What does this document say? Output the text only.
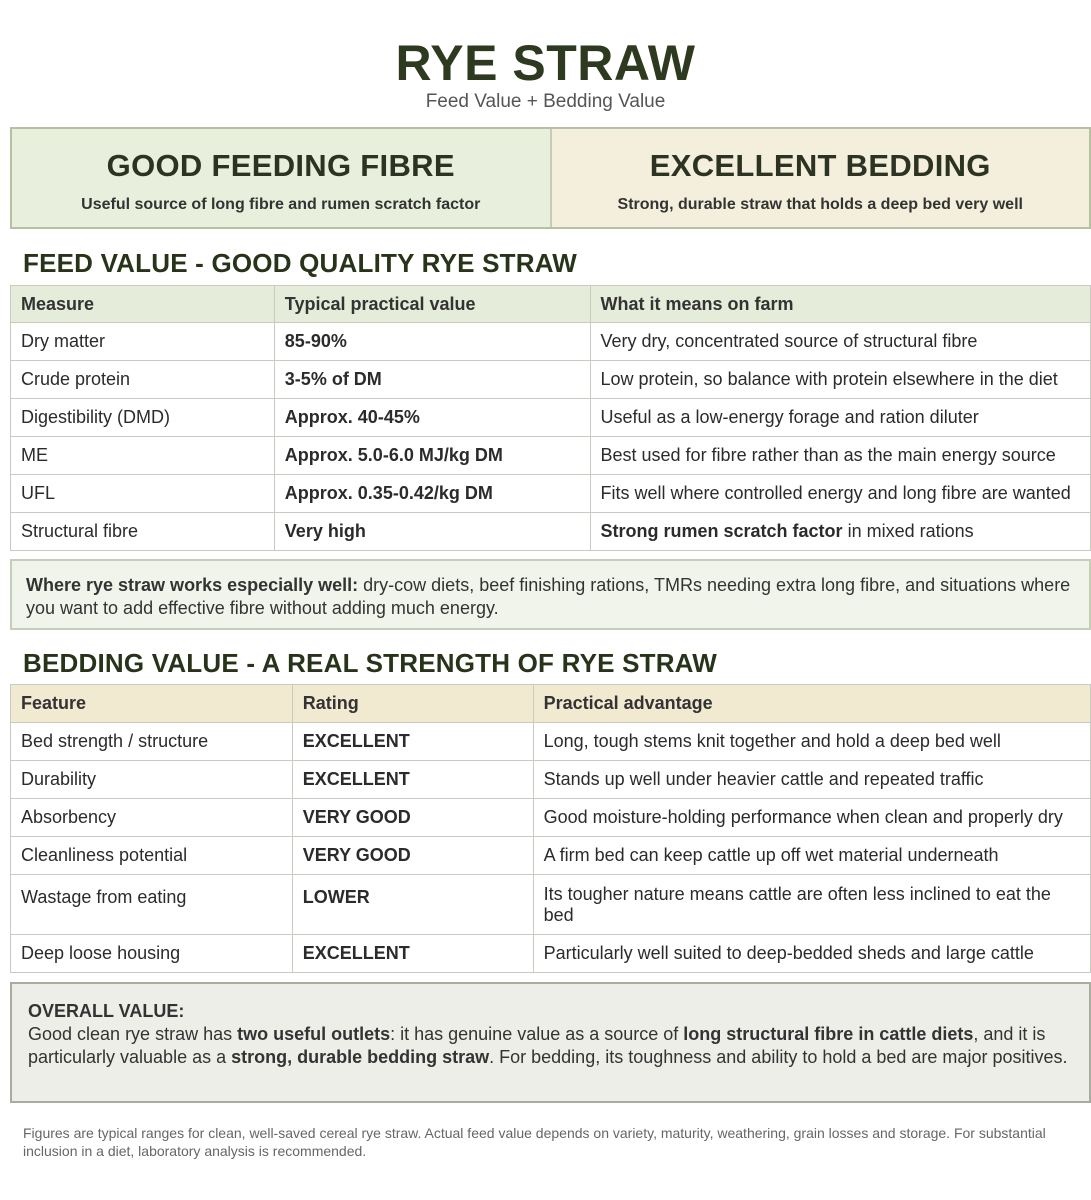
RYE STRAW
Feed Value + Bedding Value
GOOD FEEDING FIBRE
Useful source of long fibre and rumen scratch factor
EXCELLENT BEDDING
Strong, durable straw that holds a deep bed very well
FEED VALUE - GOOD QUALITY RYE STRAW
Measure	Typical practical value	What it means on farm
Dry matter	85-90%	Very dry, concentrated source of structural fibre
Crude protein	3-5% of DM	Low protein, so balance with protein elsewhere in the diet
Digestibility (DMD)	Approx. 40-45%	Useful as a low-energy forage and ration diluter
ME	Approx. 5.0-6.0 MJ/kg DM	Best used for fibre rather than as the main energy source
UFL	Approx. 0.35-0.42/kg DM	Fits well where controlled energy and long fibre are wanted
Structural fibre	Very high	Strong rumen scratch factor in mixed rations
Where rye straw works especially well: dry-cow diets, beef finishing rations, TMRs needing extra long fibre, and situations where you want to add effective fibre without adding much energy.
BEDDING VALUE - A REAL STRENGTH OF RYE STRAW
Feature	Rating	Practical advantage
Bed strength / structure	EXCELLENT	Long, tough stems knit together and hold a deep bed well
Durability	EXCELLENT	Stands up well under heavier cattle and repeated traffic
Absorbency	VERY GOOD	Good moisture-holding performance when clean and properly dry
Cleanliness potential	VERY GOOD	A firm bed can keep cattle up off wet material underneath
Wastage from eating	LOWER	Its tougher nature means cattle are often less inclined to eat the bed
Deep loose housing	EXCELLENT	Particularly well suited to deep-bedded sheds and large cattle
OVERALL VALUE:
Good clean rye straw has two useful outlets: it has genuine value as a source of long structural fibre in cattle diets, and it is particularly valuable as a strong, durable bedding straw. For bedding, its toughness and ability to hold a bed are major positives.
Figures are typical ranges for clean, well-saved cereal rye straw. Actual feed value depends on variety, maturity, weathering, grain losses and storage. For substantial inclusion in a diet, laboratory analysis is recommended.
